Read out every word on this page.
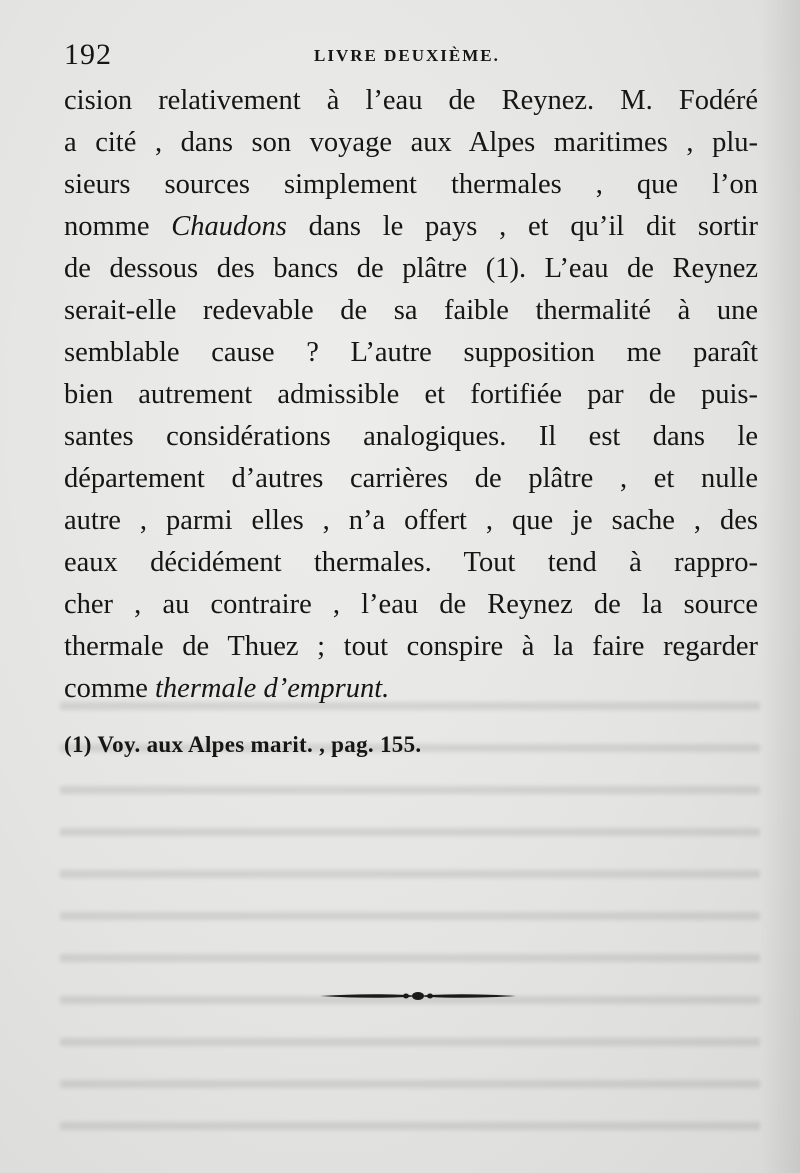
192	LIVRE DEUXIÈME.
cision relativement à l’eau de Reynez. M. Fodéré
a cité , dans son voyage aux Alpes maritimes , plu-
sieurs sources simplement thermales , que l’on
nomme Chaudons dans le pays , et qu’il dit sortir
de dessous des bancs de plâtre (1). L’eau de Reynez
serait-elle redevable de sa faible thermalité à une
semblable cause ? L’autre supposition me paraît
bien autrement admissible et fortifiée par de puis-
santes considérations analogiques. Il est dans le
département d’autres carrières de plâtre , et nulle
autre , parmi elles , n’a offert , que je sache , des
eaux décidément thermales. Tout tend à rappro-
cher , au contraire , l’eau de Reynez de la source
thermale de Thuez ; tout conspire à la faire regarder
comme thermale d’emprunt.
(1) Voy. aux Alpes marit. , pag. 155.
